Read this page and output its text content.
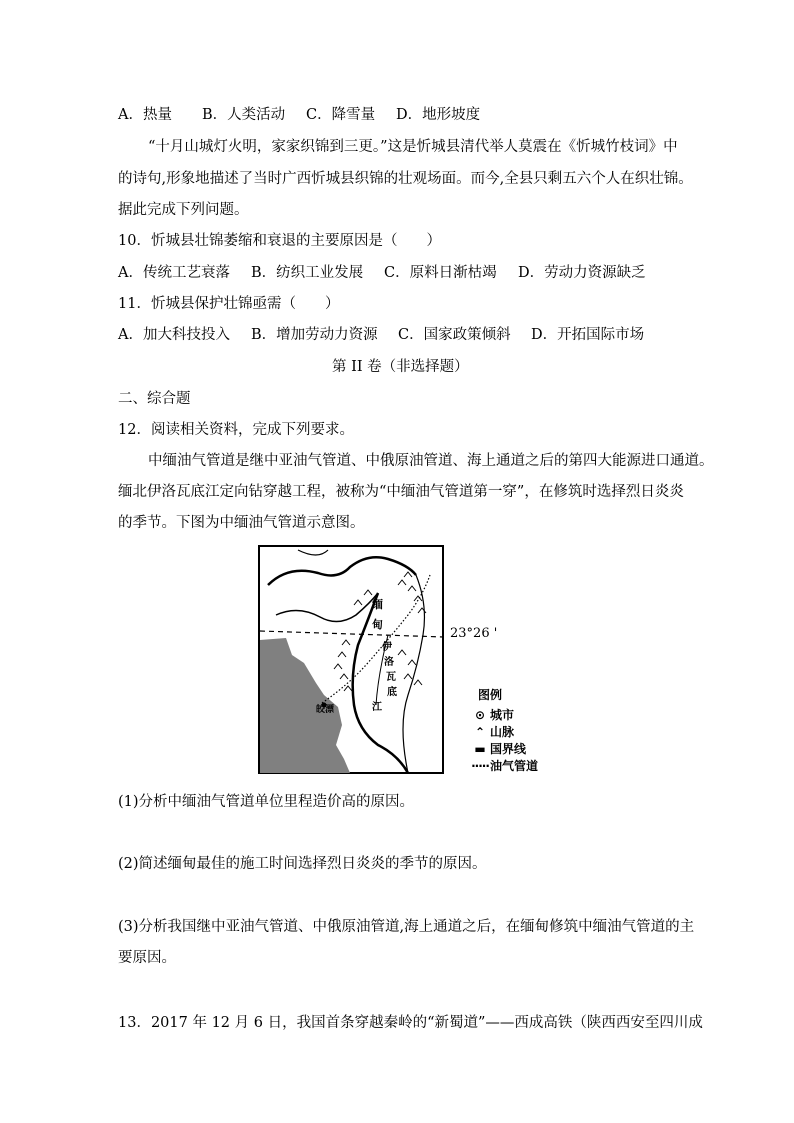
A．热量 B．人类活动 C．降雪量 D．地形坡度
“十月山城灯火明，家家织锦到三更。”这是忻城县清代举人莫震在《忻城竹枝词》中
的诗句,形象地描述了当时广西忻城县织锦的壮观场面。而今,全县只剩五六个人在织壮锦。
据此完成下列问题。
10．忻城县壮锦萎缩和衰退的主要原因是（　　）
A．传统工艺衰落 B．纺织工业发展 C．原料日渐枯竭 D．劳动力资源缺乏
11．忻城县保护壮锦亟需（　　）
A．加大科技投入 B．增加劳动力资源 C．国家政策倾斜 D．开拓国际市场
第 II 卷（非选择题）
二、综合题
12．阅读相关资料，完成下列要求。
中缅油气管道是继中亚油气管道、中俄原油管道、海上通道之后的第四大能源进口通道。
缅北伊洛瓦底江定向钻穿越工程，被称为“中缅油气管道第一穿”，在修筑时选择烈日炎炎
的季节。下图为中缅油气管道示意图。
缅
甸
伊
洛
瓦
底
江
皎漂
23°26 '
图例
⊙ 城市
⌃ 山脉
▬ 国界线
·····油气管道
(1)分析中缅油气管道单位里程造价高的原因。
(2)简述缅甸最佳的施工时间选择烈日炎炎的季节的原因。
(3)分析我国继中亚油气管道、中俄原油管道,海上通道之后，在缅甸修筑中缅油气管道的主
要原因。
13．2017 年 12 月 6 日，我国首条穿越秦岭的“新蜀道”——西成高铁（陕西西安至四川成
